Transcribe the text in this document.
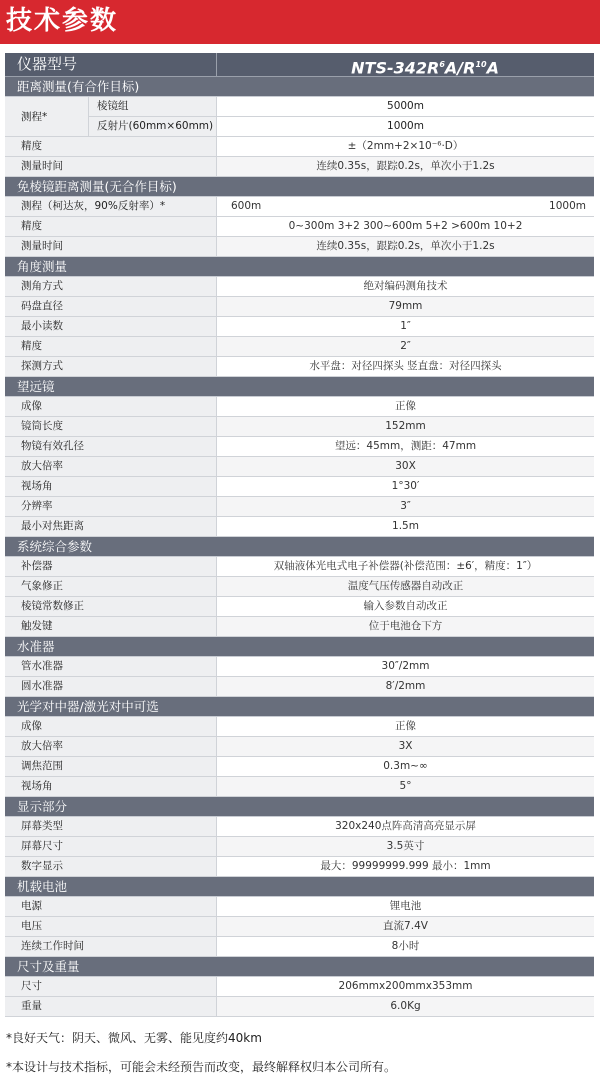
技术参数
仪器型号	NTS-$342R^6A/R^{10}A$
距离测量(有合作目标)
测程*
棱镜组	5000m
反射片(60mm×60mm)	1000m
精度	±（2mm+2×10⁻⁶·D）
测量时间	连续0.35s，跟踪0.2s，单次小于1.2s
免棱镜距离测量(无合作目标)
测程（柯达灰，90%反射率）*	600m	1000m
精度	0~300m 3+2 300~600m 5+2 >600m 10+2
测量时间	连续0.35s，跟踪0.2s，单次小于1.2s
角度测量
测角方式	绝对编码测角技术
码盘直径	79mm
最小读数	1″
精度	2″
探测方式	水平盘：对径四探头 竖直盘：对径四探头
望远镜
成像	正像
镜筒长度	152mm
物镜有效孔径	望远：45mm，测距：47mm
放大倍率	30X
视场角	1°30′
分辨率	3″
最小对焦距离	1.5m
系统综合参数
补偿器	双轴液体光电式电子补偿器(补偿范围：±6′，精度：1″）
气象修正	温度气压传感器自动改正
棱镜常数修正	输入参数自动改正
触发键	位于电池仓下方
水准器
管水准器	30″/2mm
圆水准器	8′/2mm
光学对中器/激光对中可选
成像	正像
放大倍率	3X
调焦范围	0.3m~∞
视场角	5°
显示部分
屏幕类型	320x240点阵高清高亮显示屏
屏幕尺寸	3.5英寸
数字显示	最大：99999999.999 最小：1mm
机载电池
电源	锂电池
电压	直流7.4V
连续工作时间	8小时
尺寸及重量
尺寸	206mmx200mmx353mm
重量	6.0Kg
*良好天气：阴天、微风、无雾、能见度约40km
*本设计与技术指标，可能会未经预告而改变，最终解释权归本公司所有。
